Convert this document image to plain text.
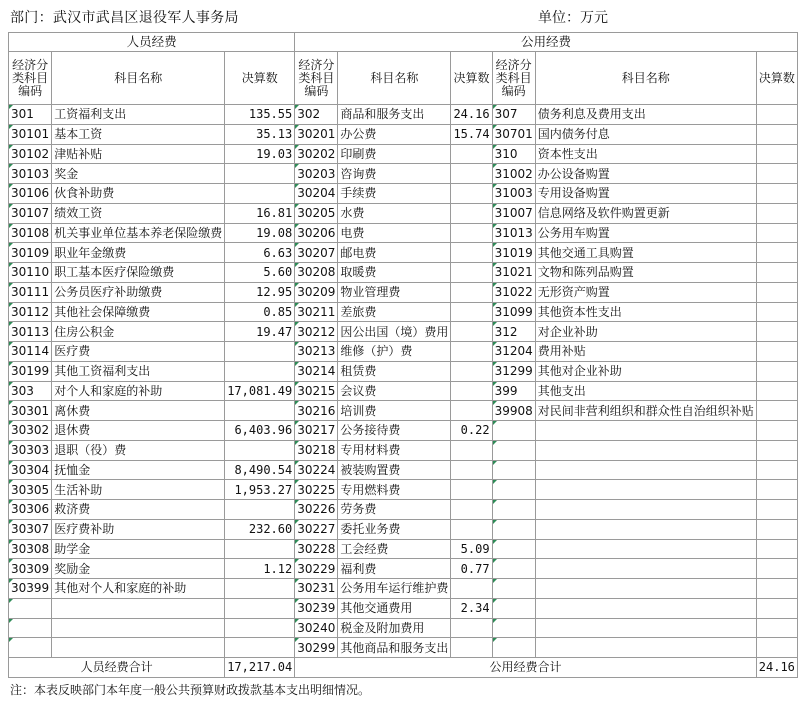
部门：武汉市武昌区退役军人事务局	单位：万元
人员经费			公用经费					
经济分类科目编码	科目名称	决算数	经济分类科目编码	科目名称	决算数	经济分类科目编码	科目名称	决算数
301	工资福利支出	135.55	302	商品和服务支出	24.16	307	债务利息及费用支出	
30101	基本工资	35.13	30201	办公费	15.74	30701	国内债务付息	
30102	津贴补贴	19.03	30202	印刷费		310	资本性支出	
30103	奖金		30203	咨询费		31002	办公设备购置	
30106	伙食补助费		30204	手续费		31003	专用设备购置	
30107	绩效工资	16.81	30205	水费		31007	信息网络及软件购置更新	
30108	机关事业单位基本养老保险缴费	19.08	30206	电费		31013	公务用车购置	
30109	职业年金缴费	6.63	30207	邮电费		31019	其他交通工具购置	
30110	职工基本医疗保险缴费	5.60	30208	取暖费		31021	文物和陈列品购置	
30111	公务员医疗补助缴费	12.95	30209	物业管理费		31022	无形资产购置	
30112	其他社会保障缴费	0.85	30211	差旅费		31099	其他资本性支出	
30113	住房公积金	19.47	30212	因公出国（境）费用		312	对企业补助	
30114	医疗费		30213	维修（护）费		31204	费用补贴	
30199	其他工资福利支出		30214	租赁费		31299	其他对企业补助	
303	对个人和家庭的补助	17,081.49	30215	会议费		399	其他支出	
30301	离休费		30216	培训费		39908	对民间非营利组织和群众性自治组织补贴	
30302	退休费	6,403.96	30217	公务接待费	0.22			
30303	退职（役）费		30218	专用材料费				
30304	抚恤金	8,490.54	30224	被装购置费				
30305	生活补助	1,953.27	30225	专用燃料费				
30306	救济费		30226	劳务费				
30307	医疗费补助	232.60	30227	委托业务费				
30308	助学金		30228	工会经费	5.09			
30309	奖励金	1.12	30229	福利费	0.77			
30399	其他对个人和家庭的补助		30231	公务用车运行维护费				
			30239	其他交通费用	2.34			
			30240	税金及附加费用				
			30299	其他商品和服务支出				
人员经费合计		17,217.04	公用经费合计					24.16
注：本表反映部门本年度一般公共预算财政拨款基本支出明细情况。
